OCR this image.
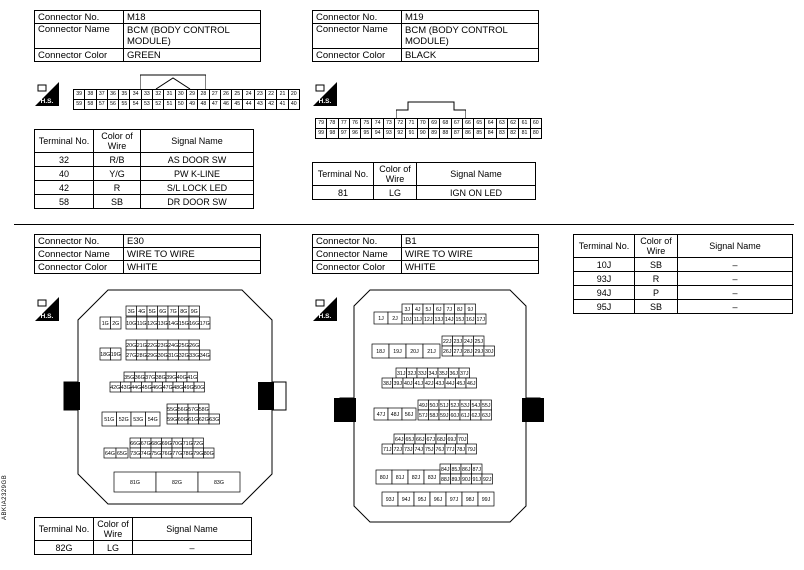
Connector No.	M18
Connector Name	BCM (BODY CONTROL MODULE)
Connector Color	GREEN
H.S.
39	38	37	36	35	34	33	32	31	30	29	28	27	26	25	24	23	22	21	20
59	58	57	56	55	54	53	52	51	50	49	48	47	46	45	44	43	42	41	40
Terminal No.	Color of Wire	Signal Name
32	R/B	AS DOOR SW
40	Y/G	PW K-LINE
42	R	S/L LOCK LED
58	SB	DR DOOR SW
Connector No.	M19
Connector Name	BCM (BODY CONTROL MODULE)
Connector Color	BLACK
H.S.
79	78	77	76	75	74	73	72	71	70	69	68	67	66	65	64	63	62	61	60
99	98	97	96	95	94	93	92	91	90	89	88	87	86	85	84	83	82	81	80
Terminal No.	Color of Wire	Signal Name
81	LG	IGN ON LED
Connector No.	E30
Connector Name	WIRE TO WIRE
Connector Color	WHITE
H.S.
3G 4G 5G 6G 7G 8G 9G
1G 2G 10G 11G 12G 13G 14G 15G 16G 17G
20G 21G 22G 23G 24G 25G 26G
18G 19G 27G 28G 29G 30G 31G 32G 33G 34G
35G 36G 37G 38G 39G 40G 41G
42G 43G 44G 45G 46G 47G 48G 49G 50G
55G 56G 57G 58G
51G 52G 53G 54G 59G 60G 61G 62G 63G
66G 67G 68G 69G 70G 71G 72G
64G 65G 73G 74G 75G 76G 77G 78G 79G 80G
81G	82G	83G
Terminal No.	Color of Wire	Signal Name
82G	LG	–
ABKIA2329GB
Connector No.	B1
Connector Name	WIRE TO WIRE
Connector Color	WHITE
H.S.
3J 4J 5J 6J 7J 8J 9J
1J 2J 10J 11J 12J 13J 14J 15J 16J 17J
22J 23J 24J 25J
18J 19J 20J 21J 26J 27J 28J 29J 30J
31J 32J 33J 34J 35J 36J 37J
38J 39J 40J 41J 42J 43J 44J 45J 46J
49J 50J 51J 52J 53J 54J 55J
47J 48J 56J 57J 58J 59J 60J 61J 62J 63J
64J 65J 66J 67J 68J 69J 70J
71J 72J 73J 74J 75J 76J 77J 78J 79J
84J 85J 86J 87J
80J 81J 82J 83J 88J 89J 90J 91J 92J
93J 94J 95J 96J 97J 98J 99J
Terminal No.	Color of Wire	Signal Name
10J	SB	–
93J	R	–
94J	P	–
95J	SB	–
